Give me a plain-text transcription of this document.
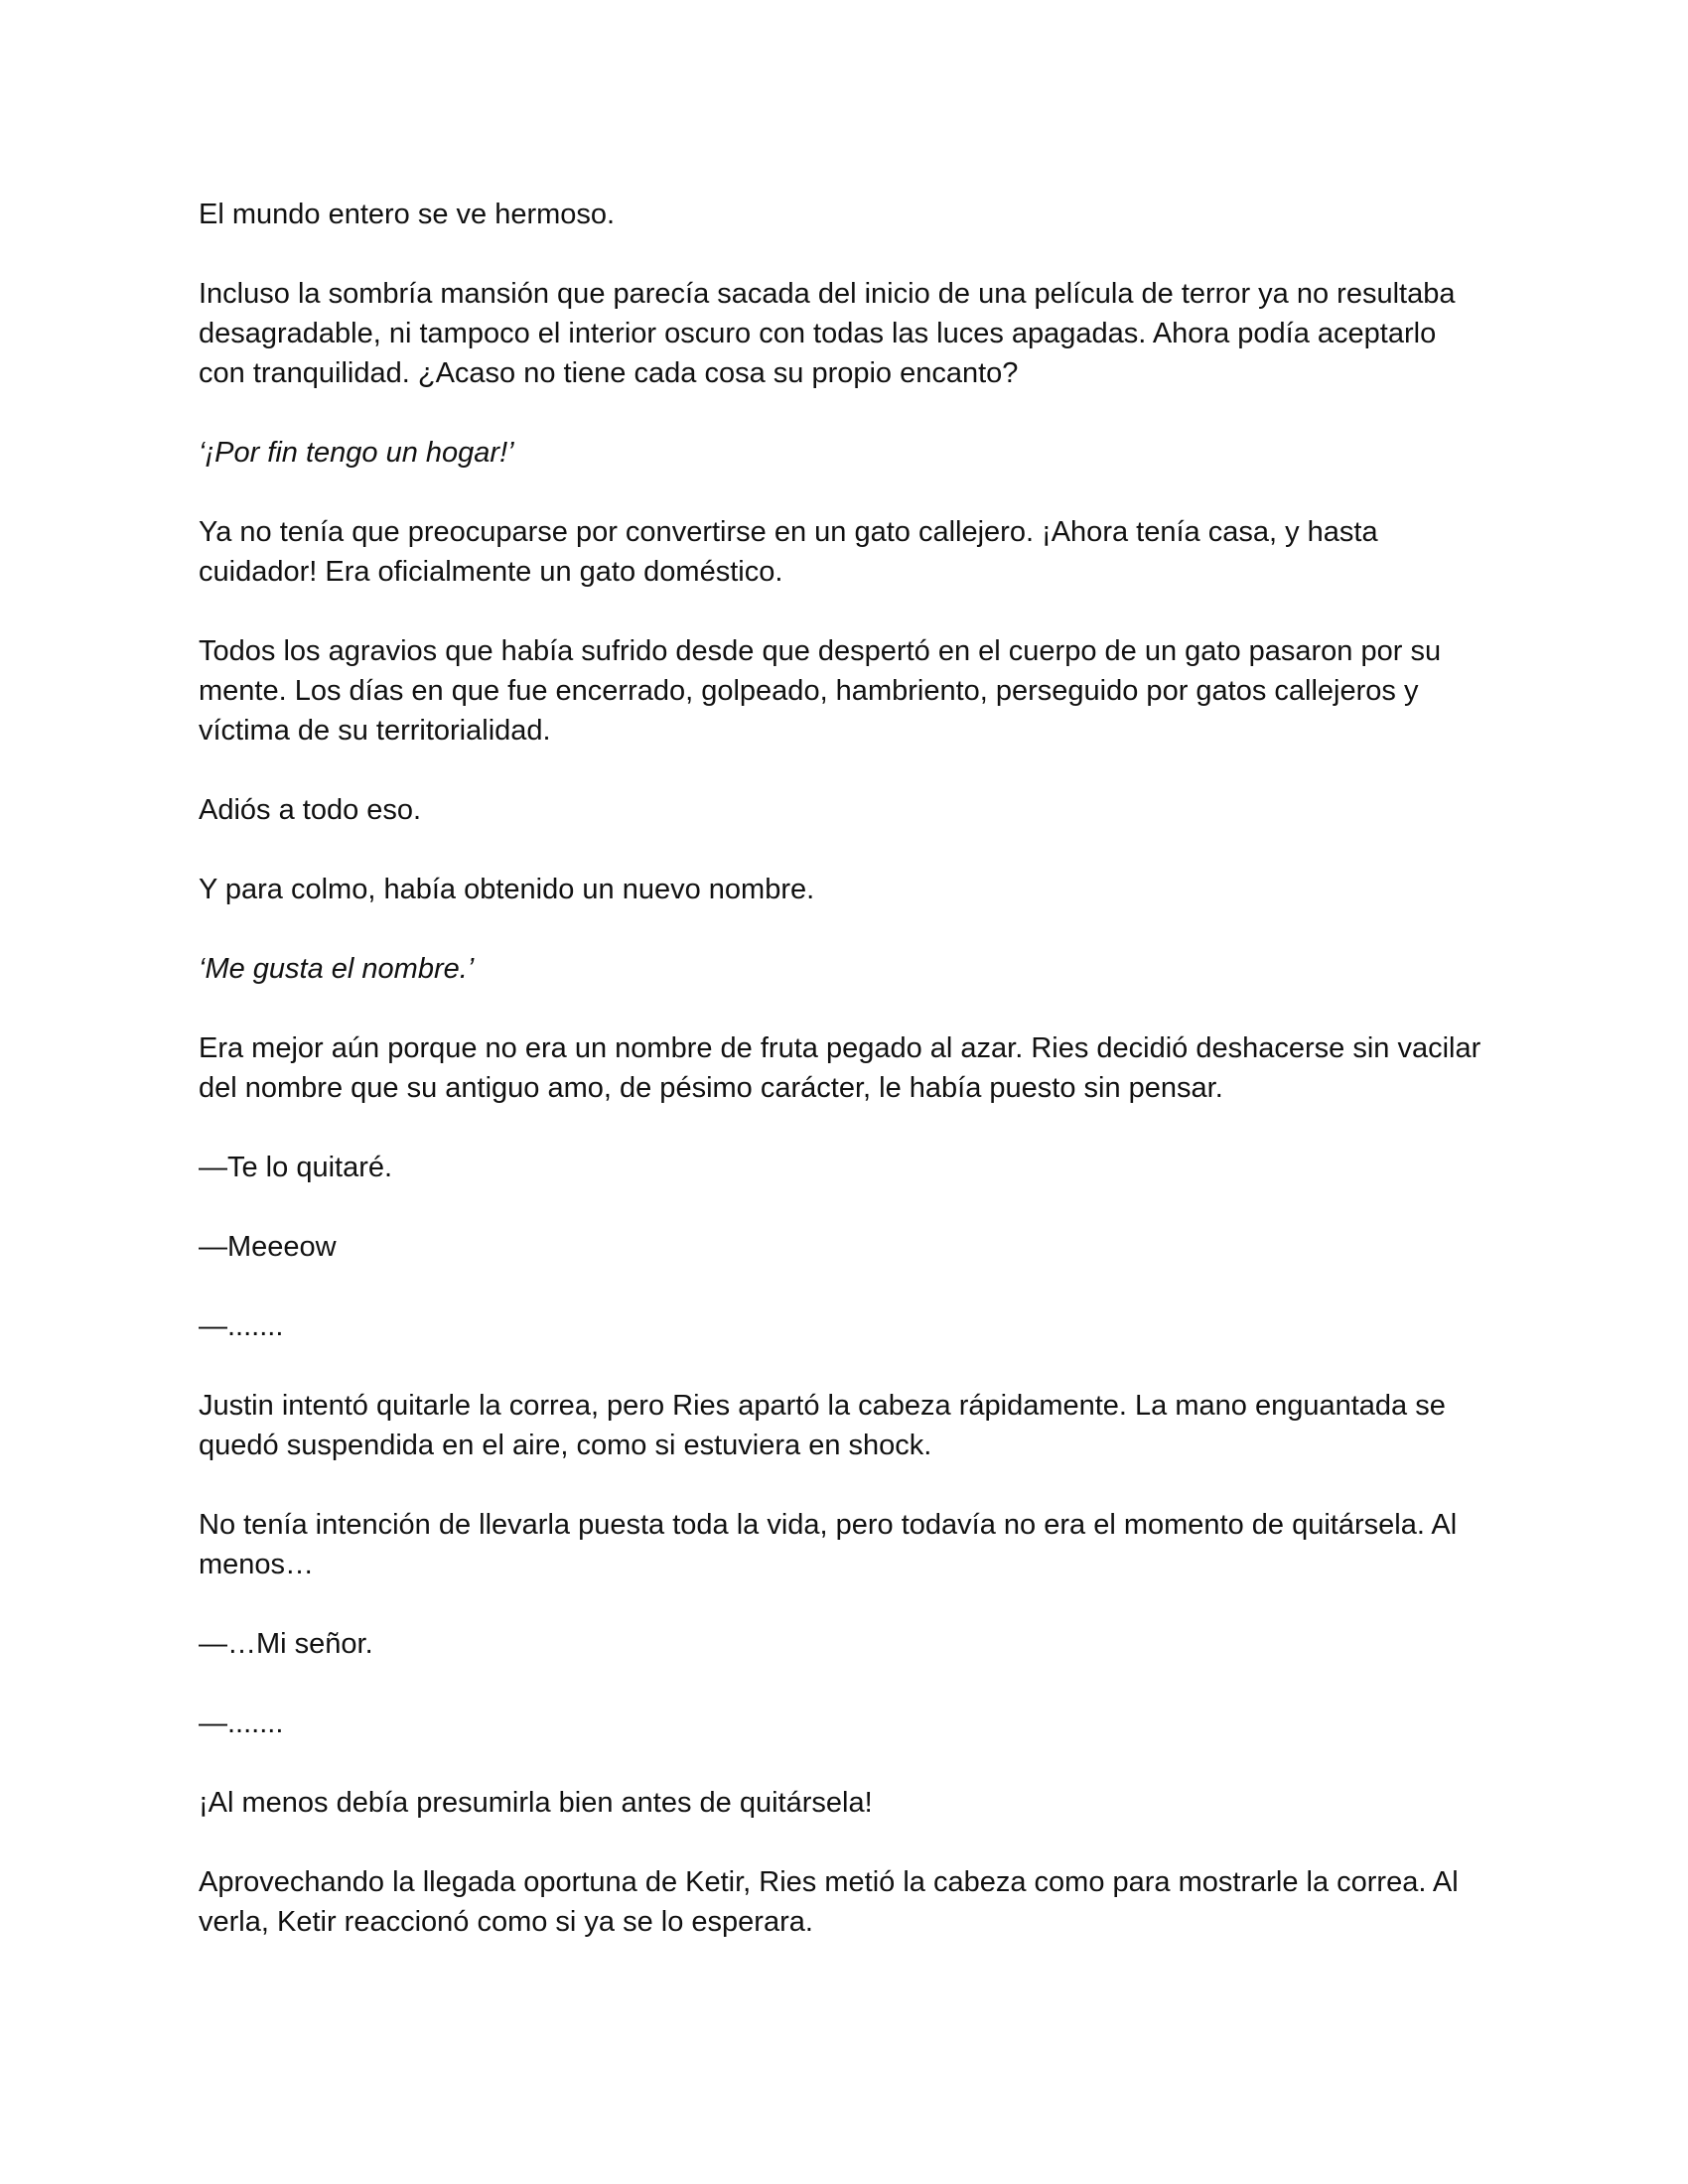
El mundo entero se ve hermoso.

Incluso la sombría mansión que parecía sacada del inicio de una película de terror ya no resultaba desagradable, ni tampoco el interior oscuro con todas las luces apagadas. Ahora podía aceptarlo con tranquilidad. ¿Acaso no tiene cada cosa su propio encanto?

‘¡Por fin tengo un hogar!’

Ya no tenía que preocuparse por convertirse en un gato callejero. ¡Ahora tenía casa, y hasta cuidador! Era oficialmente un gato doméstico.

Todos los agravios que había sufrido desde que despertó en el cuerpo de un gato pasaron por su mente. Los días en que fue encerrado, golpeado, hambriento, perseguido por gatos callejeros y víctima de su territorialidad.

Adiós a todo eso.

Y para colmo, había obtenido un nuevo nombre.

‘Me gusta el nombre.’

Era mejor aún porque no era un nombre de fruta pegado al azar. Ries decidió deshacerse sin vacilar del nombre que su antiguo amo, de pésimo carácter, le había puesto sin pensar.

—Te lo quitaré.

—Meeeow

—.......

Justin intentó quitarle la correa, pero Ries apartó la cabeza rápidamente. La mano enguantada se quedó suspendida en el aire, como si estuviera en shock.

No tenía intención de llevarla puesta toda la vida, pero todavía no era el momento de quitársela. Al menos…

—…Mi señor.

—.......

¡Al menos debía presumirla bien antes de quitársela!

Aprovechando la llegada oportuna de Ketir, Ries metió la cabeza como para mostrarle la correa. Al verla, Ketir reaccionó como si ya se lo esperara.
